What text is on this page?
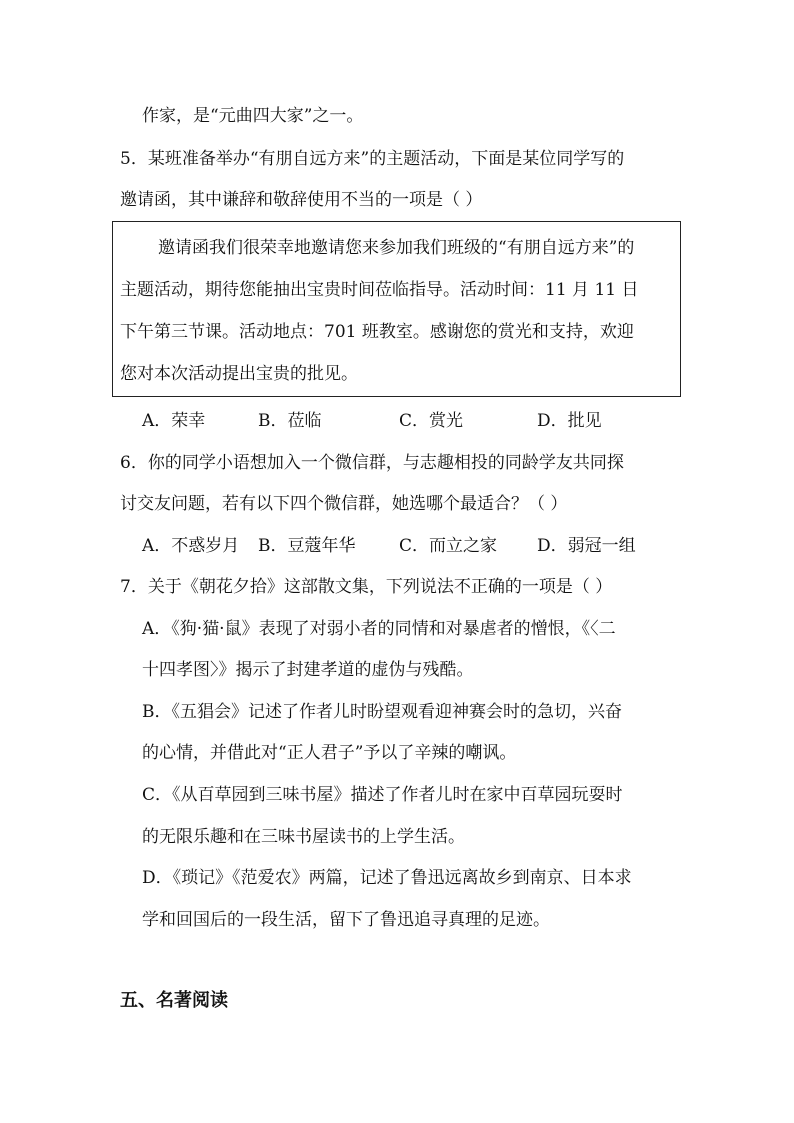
作家，是“元曲四大家”之一。
5．某班准备举办“有朋自远方来”的主题活动，下面是某位同学写的
邀请函，其中谦辞和敬辞使用不当的一项是（ ）
邀请函我们很荣幸地邀请您来参加我们班级的“有朋自远方来”的
主题活动，期待您能抽出宝贵时间莅临指导。活动时间：11 月 11 日
下午第三节课。活动地点：701 班教室。感谢您的赏光和支持，欢迎
您对本次活动提出宝贵的批见。
A．荣幸	B．莅临	C．赏光	D．批见
6．你的同学小语想加入一个微信群，与志趣相投的同龄学友共同探
讨交友问题，若有以下四个微信群，她选哪个最适合？（ ）
A．不惑岁月 B．豆蔻年华	C．而立之家 D．弱冠一组
7．关于《朝花夕拾》这部散文集，下列说法不正确的一项是（ ）
A．《狗·猫·鼠》表现了对弱小者的同情和对暴虐者的憎恨，《〈二
十四孝图〉》揭示了封建孝道的虚伪与残酷。
B．《五猖会》记述了作者儿时盼望观看迎神赛会时的急切，兴奋
的心情，并借此对“正人君子”予以了辛辣的嘲讽。
C．《从百草园到三味书屋》描述了作者儿时在家中百草园玩耍时
的无限乐趣和在三味书屋读书的上学生活。
D．《琐记》《范爱农》两篇，记述了鲁迅远离故乡到南京、日本求
学和回国后的一段生活，留下了鲁迅追寻真理的足迹。
五、名著阅读
